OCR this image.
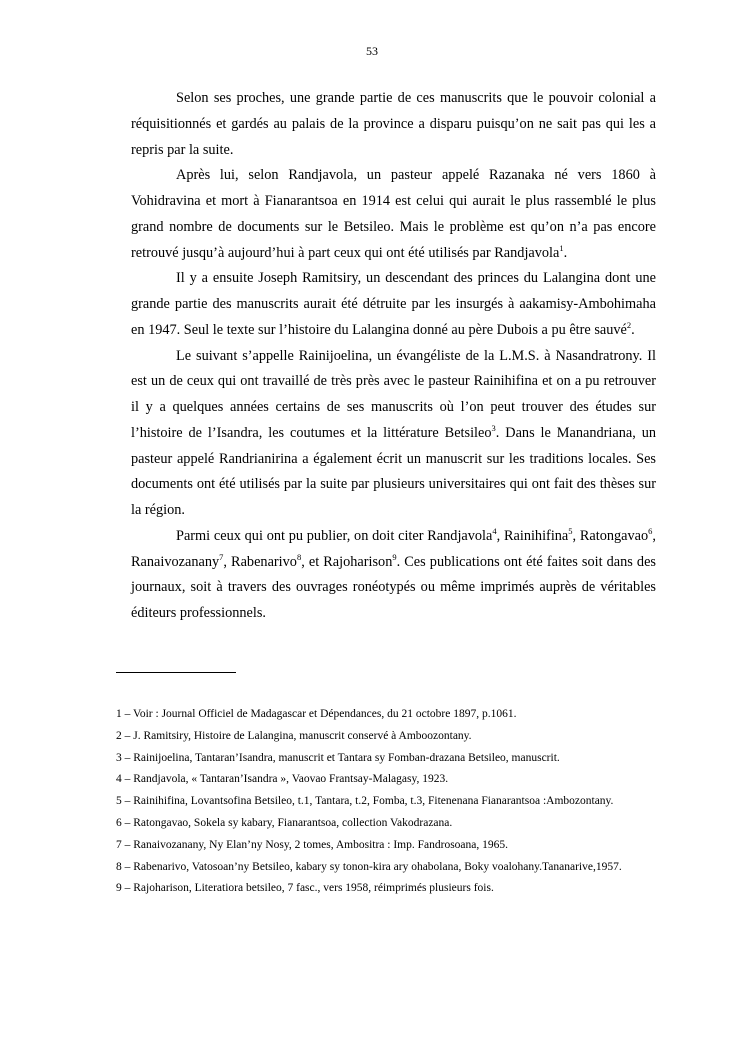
53

Selon ses proches, une grande partie de ces manuscrits que le pouvoir colonial a réquisitionnés et gardés au palais de la province a disparu puisqu’on ne sait pas qui les a repris par la suite.

Après lui, selon Randjavola, un pasteur appelé Razanaka né vers 1860 à Vohidravina et mort à Fianarantsoa en 1914 est celui qui aurait le plus rassemblé le plus grand nombre de documents sur le Betsileo. Mais le problème est qu’on n’a pas encore retrouvé jusqu’à aujourd’hui à part ceux qui ont été utilisés par Randjavola$^1$.

Il y a ensuite Joseph Ramitsiry, un descendant des princes du Lalangina dont une grande partie des manuscrits aurait été détruite par les insurgés à aakamisy-Ambohimaha en 1947. Seul le texte sur l’histoire du Lalangina donné au père Dubois a pu être sauvé$^2$.

Le suivant s’appelle Rainijoelina, un évangéliste de la L.M.S. à Nasandratrony. Il est un de ceux qui ont travaillé de très près avec le pasteur Rainihifina et on a pu retrouver il y a quelques années certains de ses manuscrits où l’on peut trouver des études sur l’histoire de l’Isandra, les coutumes et la littérature Betsileo$^3$. Dans le Manandriana, un pasteur appelé Randrianirina a également écrit un manuscrit sur les traditions locales. Ses documents ont été utilisés par la suite par plusieurs universitaires qui ont fait des thèses sur la région.

Parmi ceux qui ont pu publier, on doit citer Randjavola$^4$, Rainihifina$^5$, Ratongavao$^6$, Ranaivozanany$^7$, Rabenarivo$^8$, et Rajoharison$^9$. Ces publications ont été faites soit dans des journaux, soit à travers des ouvrages ronéotypés ou même imprimés auprès de véritables éditeurs professionnels.

1 – Voir : Journal Officiel de Madagascar et Dépendances, du 21 octobre 1897, p.1061.
2 – J. Ramitsiry, Histoire de Lalangina, manuscrit conservé à Amboozontany.
3 – Rainijoelina, Tantaran’Isandra, manuscrit et Tantara sy Fomban-drazana Betsileo, manuscrit.
4 – Randjavola, « Tantaran’Isandra », Vaovao Frantsay-Malagasy, 1923.
5 – Rainihifina, Lovantsofina Betsileo, t.1, Tantara, t.2, Fomba, t.3, Fitenenana Fianarantsoa :Ambozontany.
6 – Ratongavao, Sokela sy kabary, Fianarantsoa, collection Vakodrazana.
7 – Ranaivozanany, Ny Elan’ny Nosy, 2 tomes, Ambositra : Imp. Fandrosoana, 1965.
8 – Rabenarivo, Vatosoan’ny Betsileo, kabary sy tonon-kira ary ohabolana, Boky voalohany.Tananarive,1957.
9 – Rajoharison, Literatiora betsileo, 7 fasc., vers 1958, réimprimés plusieurs fois.
